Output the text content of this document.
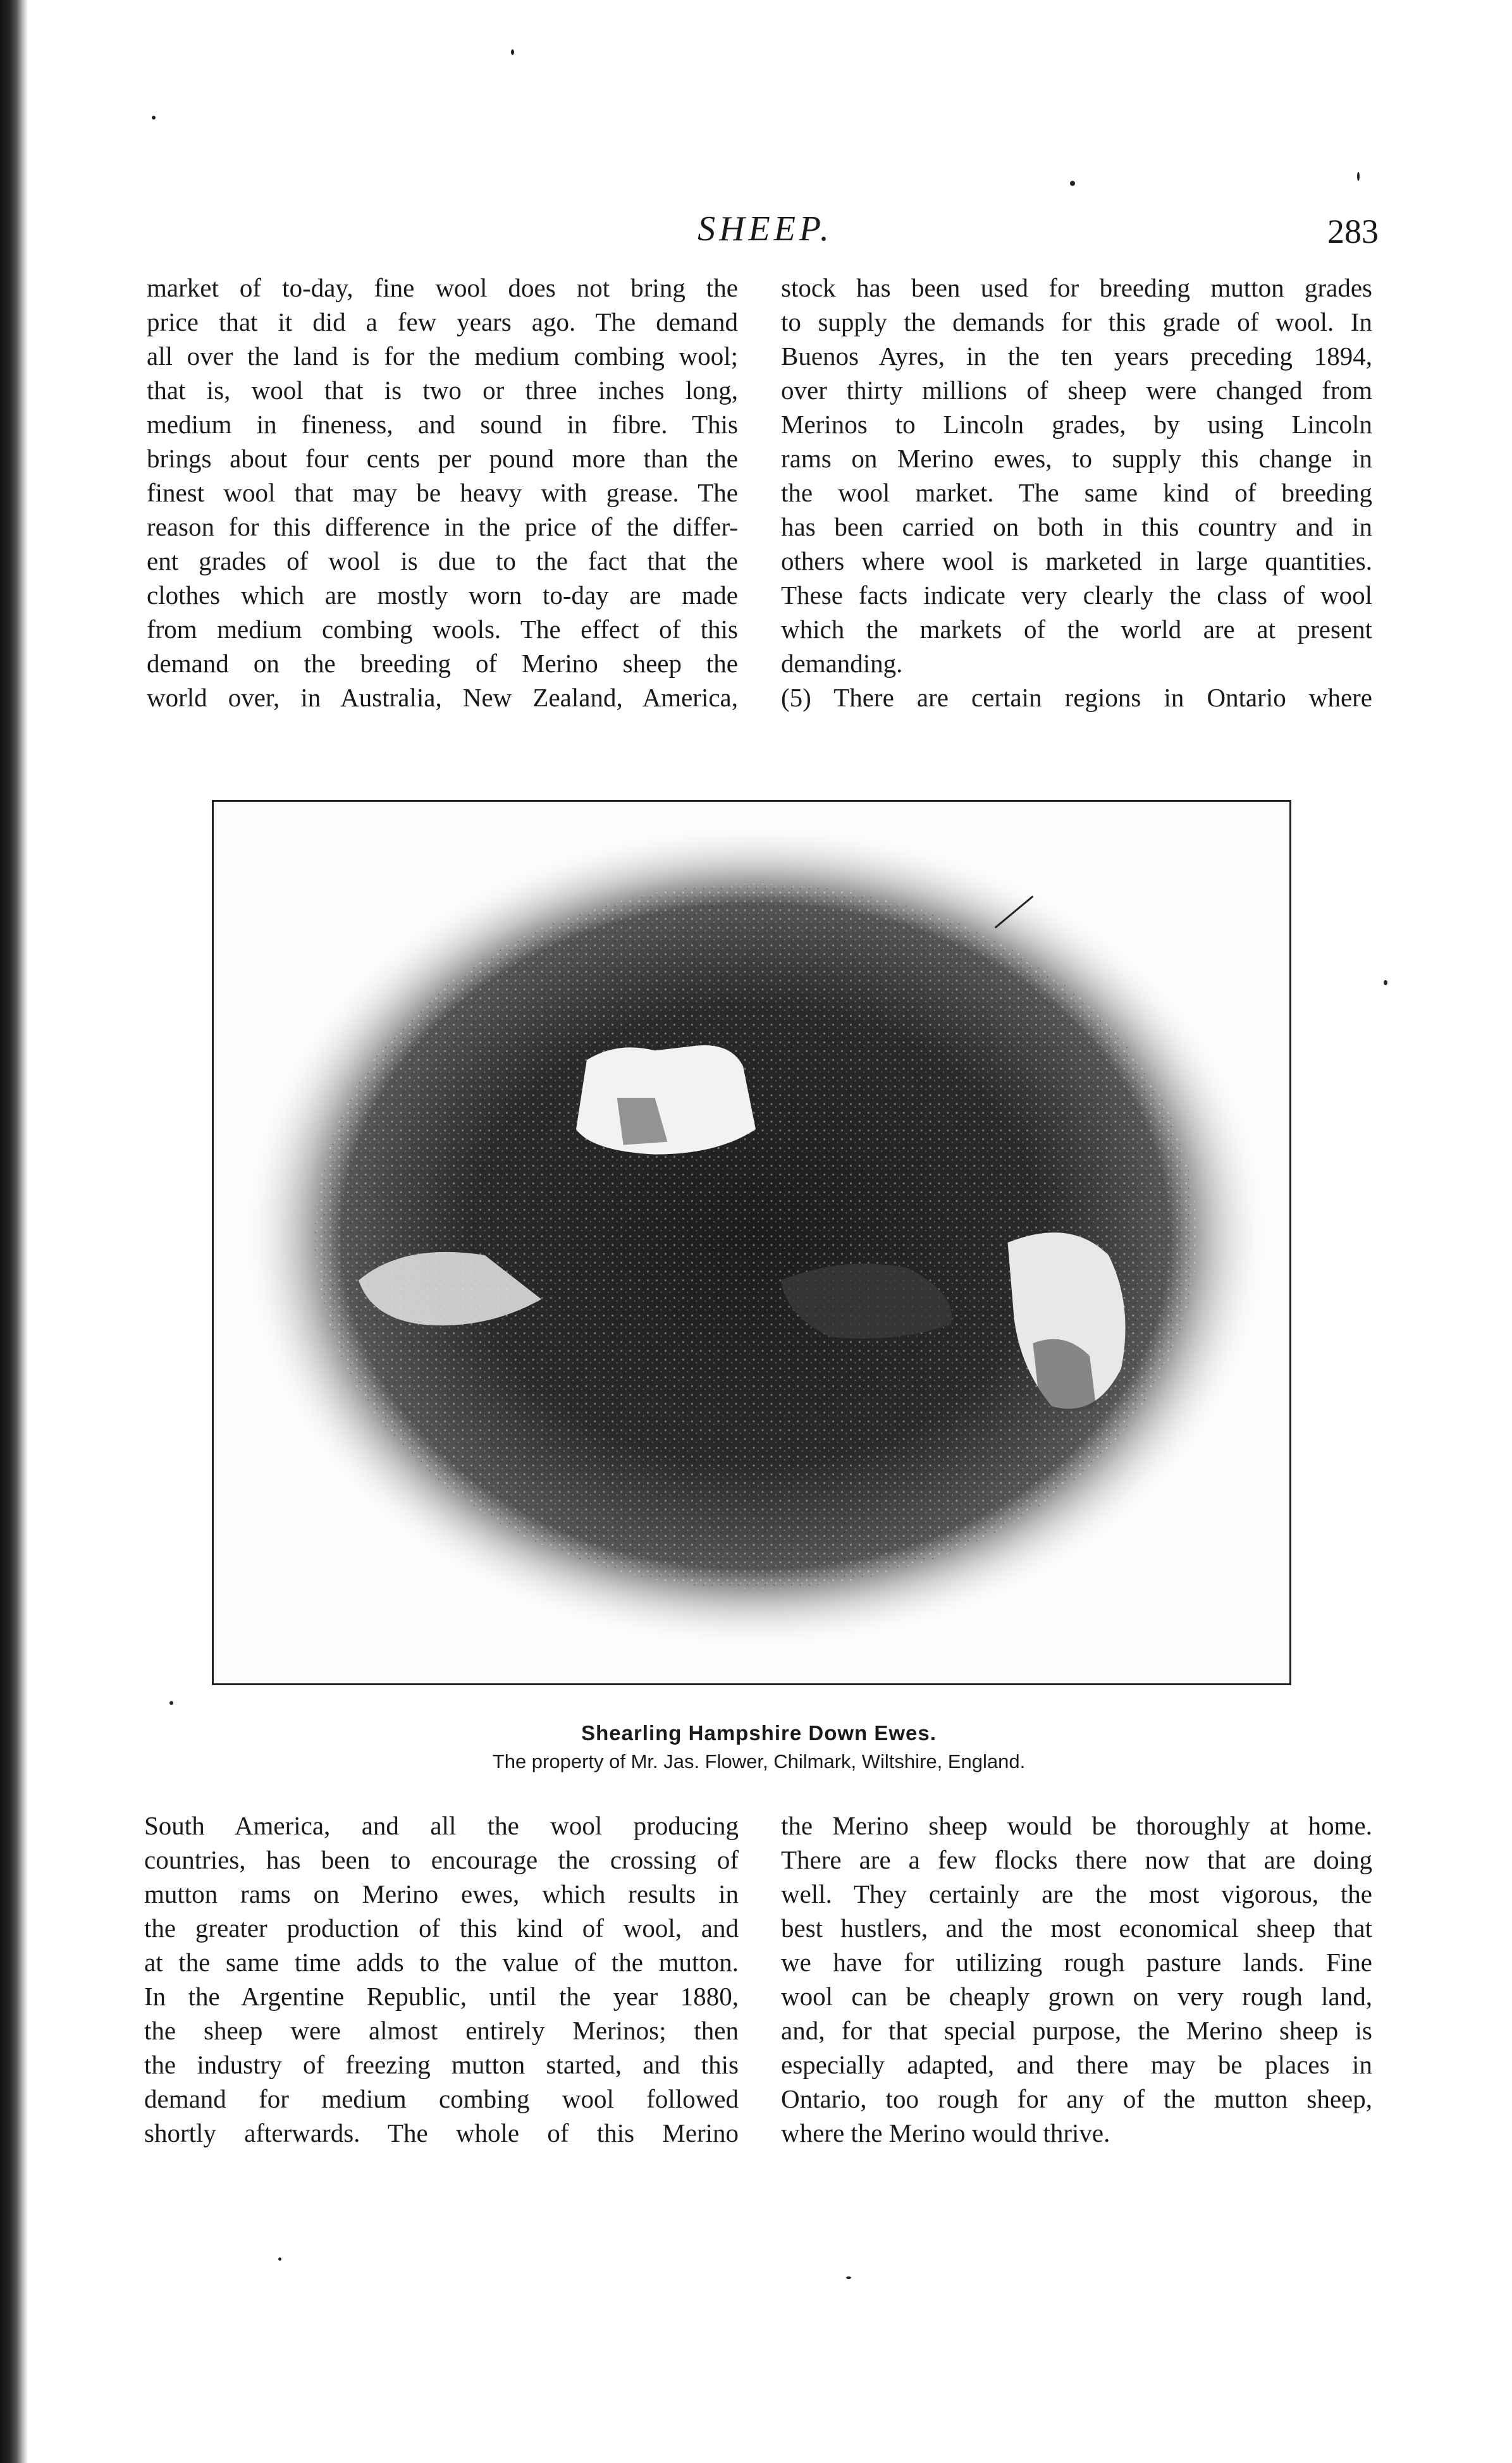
SHEEP.	283
market of to-day, fine wool does not bring the
price that it did a few years ago. The demand
all over the land is for the medium combing wool;
that is, wool that is two or three inches long,
medium in fineness, and sound in fibre. This
brings about four cents per pound more than the
finest wool that may be heavy with grease. The
reason for this difference in the price of the differ-
ent grades of wool is due to the fact that the
clothes which are mostly worn to-day are made
from medium combing wools. The effect of this
demand on the breeding of Merino sheep the
world over, in Australia, New Zealand, America,
stock has been used for breeding mutton grades
to supply the demands for this grade of wool. In
Buenos Ayres, in the ten years preceding 1894,
over thirty millions of sheep were changed from
Merinos to Lincoln grades, by using Lincoln
rams on Merino ewes, to supply this change in
the wool market. The same kind of breeding
has been carried on both in this country and in
others where wool is marketed in large quantities.
These facts indicate very clearly the class of wool
which the markets of the world are at present
demanding.
(5) There are certain regions in Ontario where
Shearling Hampshire Down Ewes.
The property of Mr. Jas. Flower, Chilmark, Wiltshire, England.
South America, and all the wool producing
countries, has been to encourage the crossing of
mutton rams on Merino ewes, which results in
the greater production of this kind of wool, and
at the same time adds to the value of the mutton.
In the Argentine Republic, until the year 1880,
the sheep were almost entirely Merinos; then
the industry of freezing mutton started, and this
demand for medium combing wool followed
shortly afterwards. The whole of this Merino
the Merino sheep would be thoroughly at home.
There are a few flocks there now that are doing
well. They certainly are the most vigorous, the
best hustlers, and the most economical sheep that
we have for utilizing rough pasture lands. Fine
wool can be cheaply grown on very rough land,
and, for that special purpose, the Merino sheep is
especially adapted, and there may be places in
Ontario, too rough for any of the mutton sheep,
where the Merino would thrive.
